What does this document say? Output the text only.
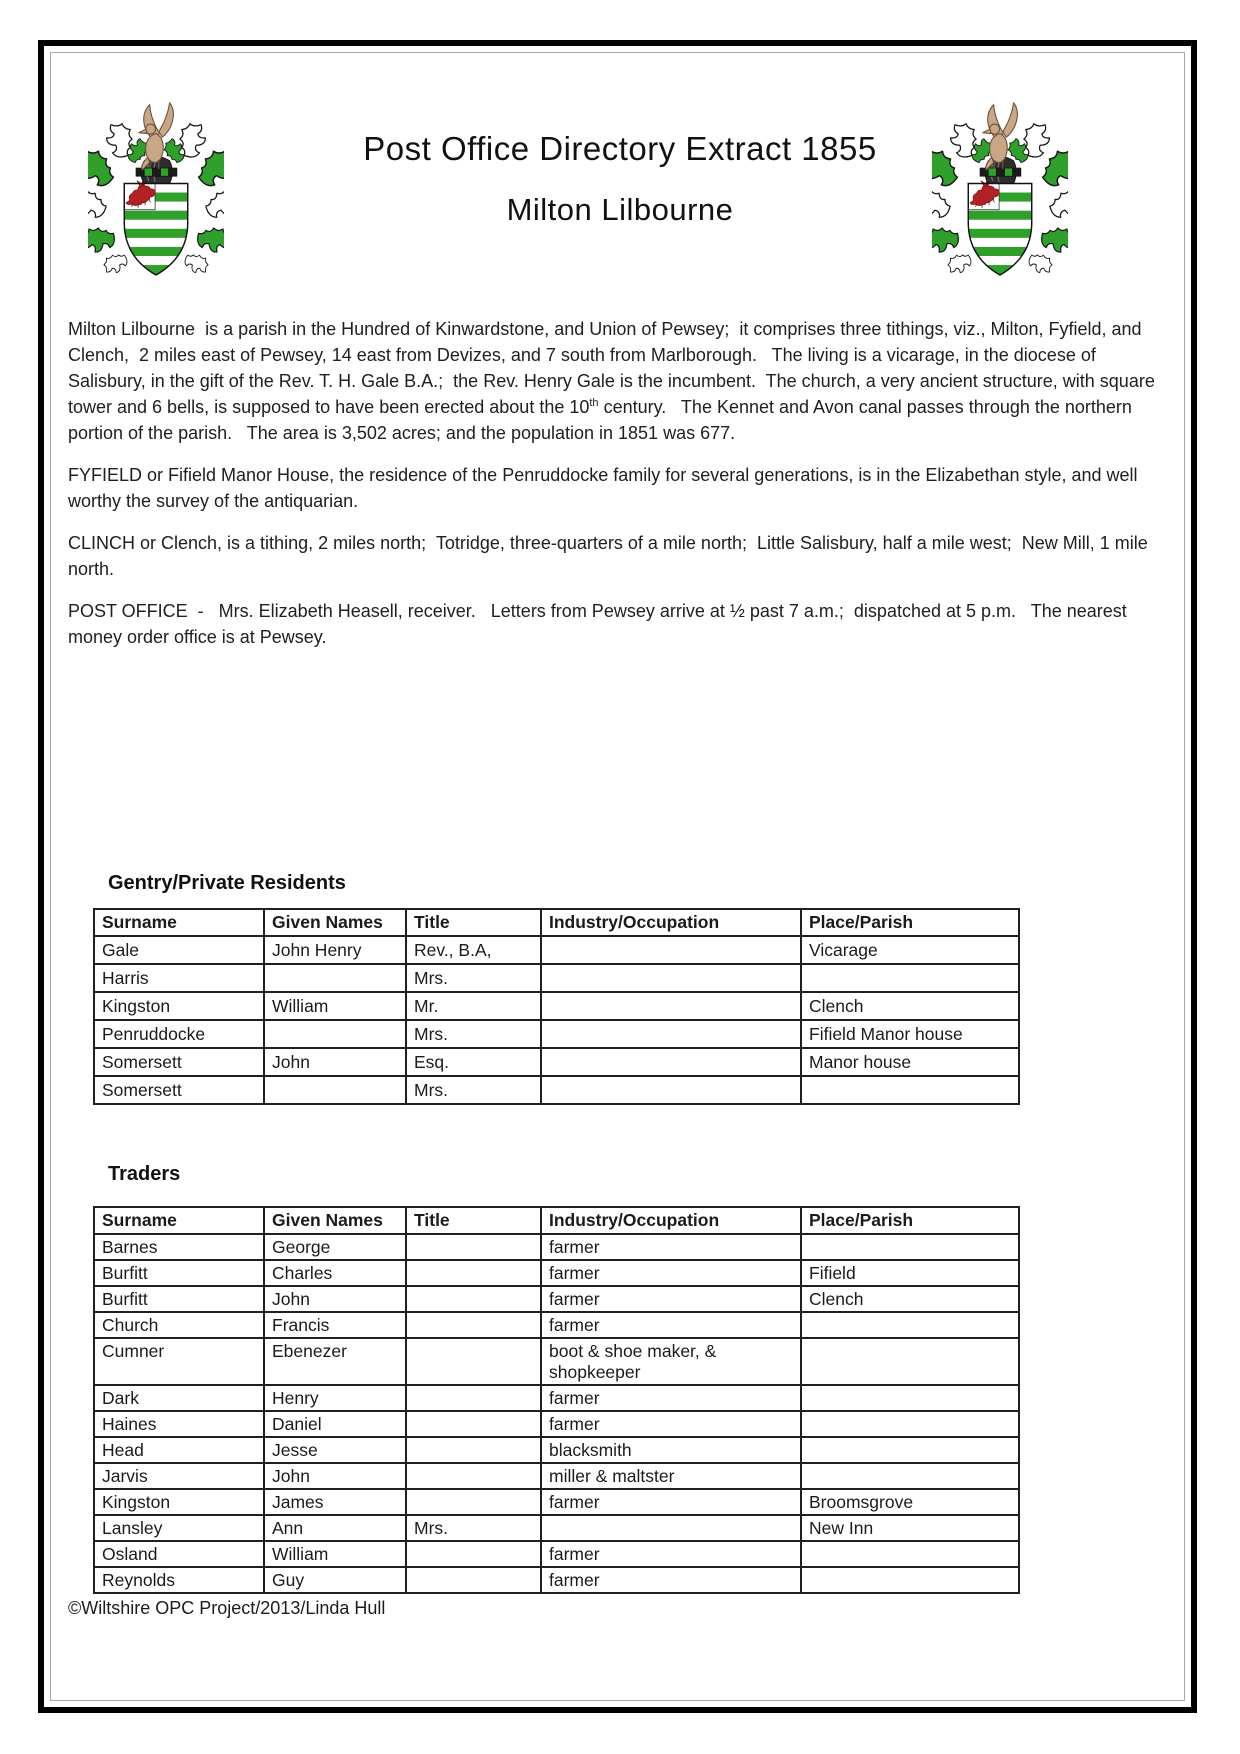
Post Office Directory Extract 1855
Milton Lilbourne

Milton Lilbourne  is a parish in the Hundred of Kinwardstone, and Union of Pewsey;  it comprises three tithings, viz., Milton, Fyfield, and Clench,  2 miles east of Pewsey, 14 east from Devizes, and 7 south from Marlborough.   The living is a vicarage, in the diocese of Salisbury, in the gift of the Rev. T. H. Gale B.A.;  the Rev. Henry Gale is the incumbent.  The church, a very ancient structure, with square tower and 6 bells, is supposed to have been erected about the 10th century.   The Kennet and Avon canal passes through the northern portion of the parish.   The area is 3,502 acres; and the population in 1851 was 677.

FYFIELD or Fifield Manor House, the residence of the Penruddocke family for several generations, is in the Elizabethan style, and well worthy the survey of the antiquarian.

CLINCH or Clench, is a tithing, 2 miles north;  Totridge, three-quarters of a mile north;  Little Salisbury, half a mile west;  New Mill, 1 mile north.

POST OFFICE  -   Mrs. Elizabeth Heasell, receiver.   Letters from Pewsey arrive at ½ past 7 a.m.;  dispatched at 5 p.m.   The nearest money order office is at Pewsey.

Gentry/Private Residents
Surname	Given Names	Title	Industry/Occupation	Place/Parish
Gale	John Henry	Rev., B.A,		Vicarage
Harris		Mrs.		
Kingston	William	Mr.		Clench
Penruddocke		Mrs.		Fifield Manor house
Somersett	John	Esq.		Manor house
Somersett		Mrs.		
Traders
Surname	Given Names	Title	Industry/Occupation	Place/Parish
Barnes	George		farmer	
Burfitt	Charles		farmer	Fifield
Burfitt	John		farmer	Clench
Church	Francis		farmer	
Cumner	Ebenezer		boot & shoe maker, & shopkeeper	
Dark	Henry		farmer	
Haines	Daniel		farmer	
Head	Jesse		blacksmith	
Jarvis	John		miller & maltster	
Kingston	James		farmer	Broomsgrove
Lansley	Ann	Mrs.		New Inn
Osland	William		farmer	
Reynolds	Guy		farmer	
©Wiltshire OPC Project/2013/Linda Hull
